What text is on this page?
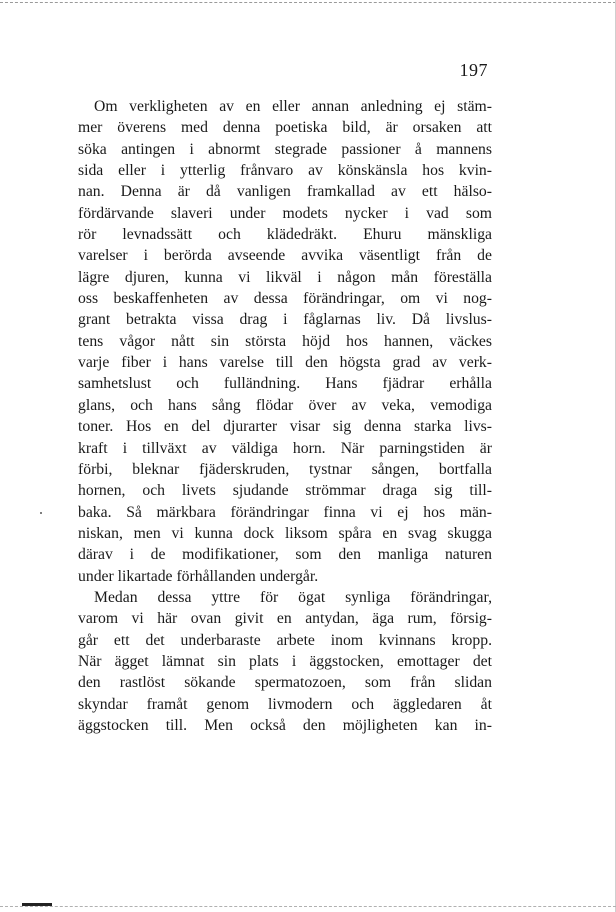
197
Om verkligheten av en eller annan anledning ej stäm-
mer överens med denna poetiska bild, är orsaken att
söka antingen i abnormt stegrade passioner å mannens
sida eller i ytterlig frånvaro av könskänsla hos kvin-
nan. Denna är då vanligen framkallad av ett hälso-
fördärvande slaveri under modets nycker i vad som
rör levnadssätt och klädedräkt. Ehuru mänskliga
varelser i berörda avseende avvika väsentligt från de
lägre djuren, kunna vi likväl i någon mån föreställa
oss beskaffenheten av dessa förändringar, om vi nog-
grant betrakta vissa drag i fåglarnas liv. Då livslus-
tens vågor nått sin största höjd hos hannen, väckes
varje fiber i hans varelse till den högsta grad av verk-
samhetslust och fulländning. Hans fjädrar erhålla
glans, och hans sång flödar över av veka, vemodiga
toner. Hos en del djurarter visar sig denna starka livs-
kraft i tillväxt av väldiga horn. När parningstiden är
förbi, bleknar fjäderskruden, tystnar sången, bortfalla
hornen, och livets sjudande strömmar draga sig till-
baka. Så märkbara förändringar finna vi ej hos män-
niskan, men vi kunna dock liksom spåra en svag skugga
därav i de modifikationer, som den manliga naturen
under likartade förhållanden undergår.
Medan dessa yttre för ögat synliga förändringar,
varom vi här ovan givit en antydan, äga rum, försig-
går ett det underbaraste arbete inom kvinnans kropp.
När ägget lämnat sin plats i äggstocken, emottager det
den rastlöst sökande spermatozoen, som från slidan
skyndar framåt genom livmodern och äggledaren åt
äggstocken till. Men också den möjligheten kan in-
